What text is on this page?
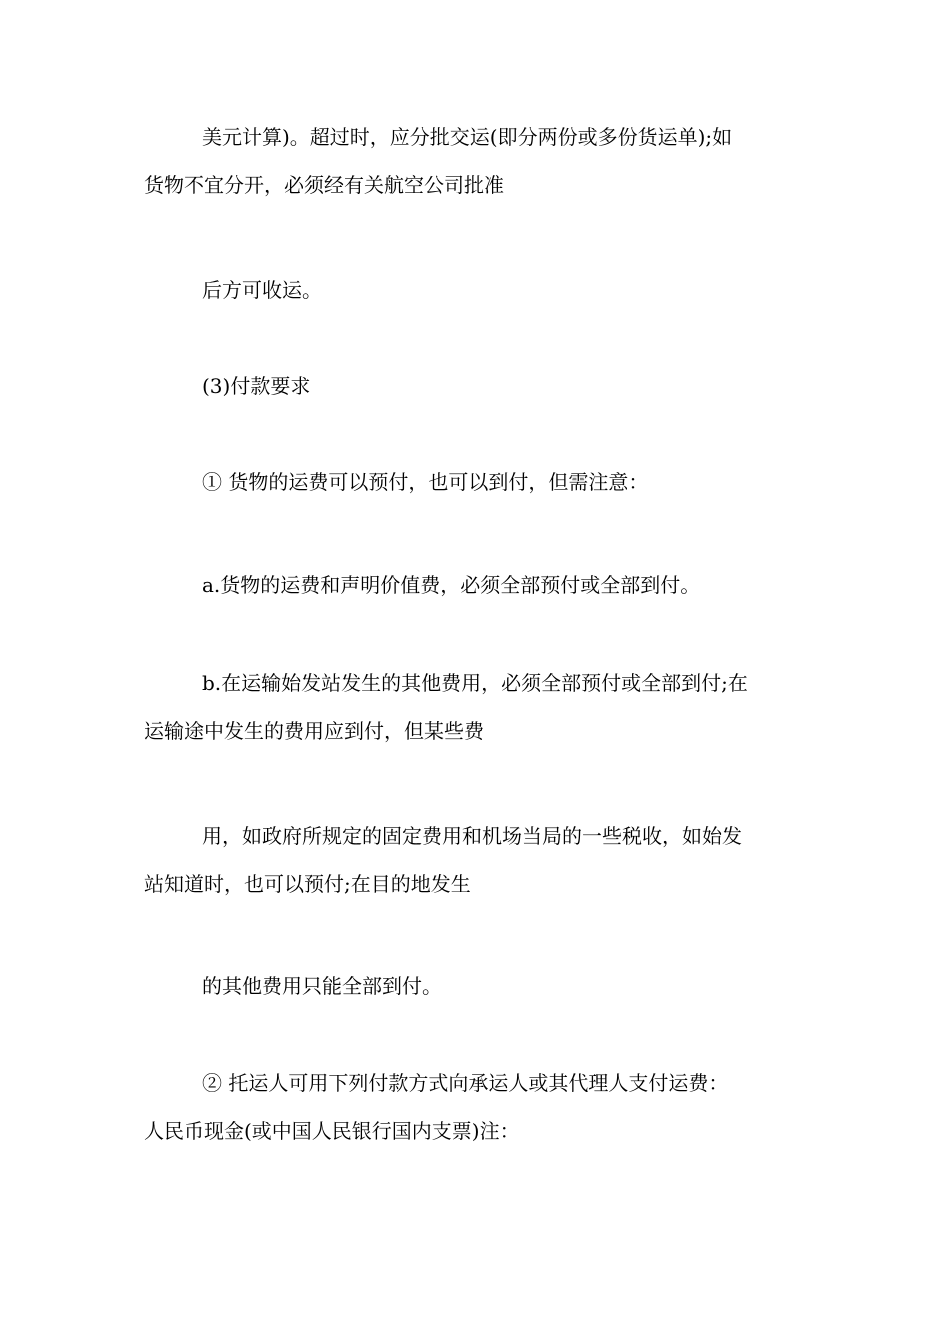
美元计算)。超过时，应分批交运(即分两份或多份货运单);如
货物不宜分开，必须经有关航空公司批准

后方可收运。

(3)付款要求

① 货物的运费可以预付，也可以到付，但需注意：

a.货物的运费和声明价值费，必须全部预付或全部到付。

b.在运输始发站发生的其他费用，必须全部预付或全部到付;在
运输途中发生的费用应到付，但某些费

用，如政府所规定的固定费用和机场当局的一些税收，如始发
站知道时，也可以预付;在目的地发生

的其他费用只能全部到付。

② 托运人可用下列付款方式向承运人或其代理人支付运费：
人民币现金(或中国人民银行国内支票)注：
